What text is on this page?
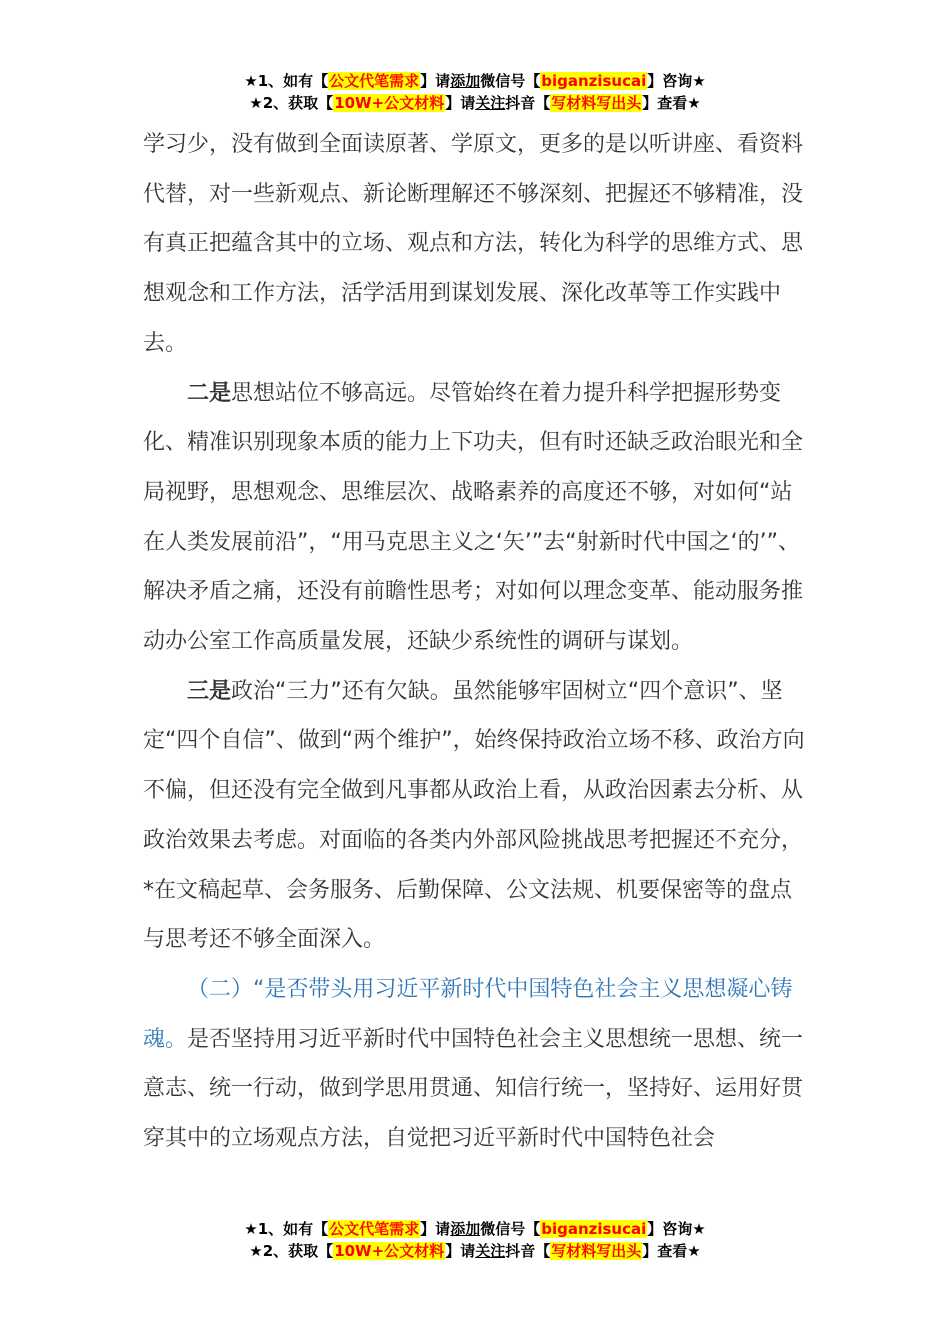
★1、如有【公文代笔需求】请添加微信号【biganzisucai】咨询★
★2、获取【10W+公文材料】请关注抖音【写材料写出头】查看★

学习少，没有做到全面读原著、学原文，更多的是以听讲座、看资料代替，对一些新观点、新论断理解还不够深刻、把握还不够精准，没有真正把蕴含其中的立场、观点和方法，转化为科学的思维方式、思想观念和工作方法，活学活用到谋划发展、深化改革等工作实践中去。

二是思想站位不够高远。尽管始终在着力提升科学把握形势变化、精准识别现象本质的能力上下功夫，但有时还缺乏政治眼光和全局视野，思想观念、思维层次、战略素养的高度还不够，对如何“站在人类发展前沿”，“用马克思主义之‘矢’”去“射新时代中国之‘的’”、解决矛盾之痛，还没有前瞻性思考；对如何以理念变革、能动服务推动办公室工作高质量发展，还缺少系统性的调研与谋划。

三是政治“三力”还有欠缺。虽然能够牢固树立“四个意识”、坚定“四个自信”、做到“两个维护”，始终保持政治立场不移、政治方向不偏，但还没有完全做到凡事都从政治上看，从政治因素去分析、从政治效果去考虑。对面临的各类内外部风险挑战思考把握还不充分，*在文稿起草、会务服务、后勤保障、公文法规、机要保密等的盘点与思考还不够全面深入。

（二）“是否带头用习近平新时代中国特色社会主义思想凝心铸魂。是否坚持用习近平新时代中国特色社会主义思想统一思想、统一意志、统一行动，做到学思用贯通、知信行统一，坚持好、运用好贯穿其中的立场观点方法，自觉把习近平新时代中国特色社会

★1、如有【公文代笔需求】请添加微信号【biganzisucai】咨询★
★2、获取【10W+公文材料】请关注抖音【写材料写出头】查看★
